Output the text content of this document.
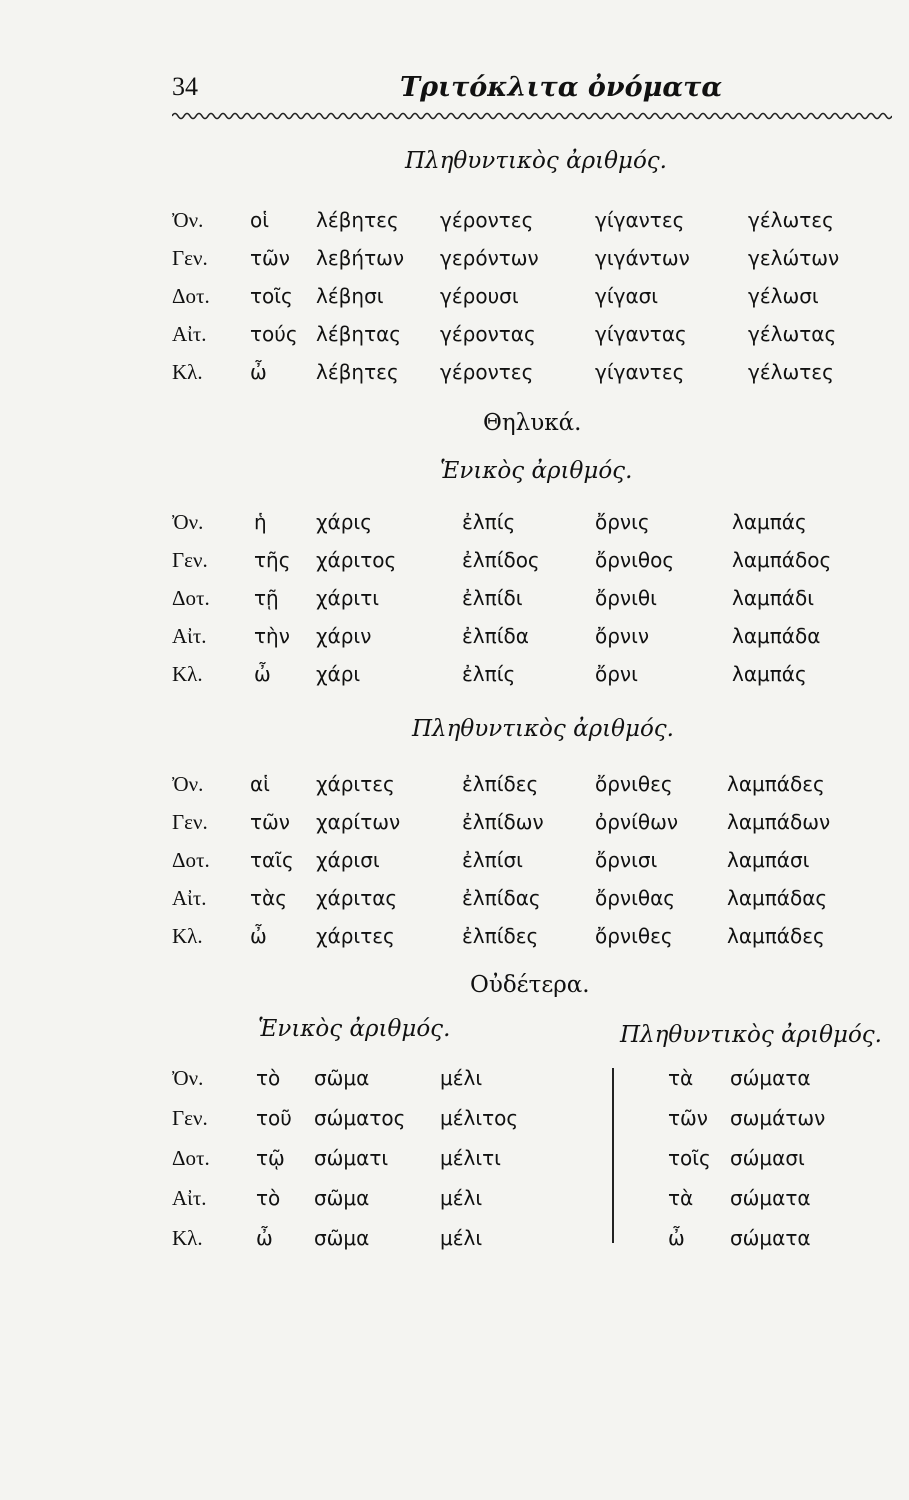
34	Τριτόκλιτα ὀνόματα
Πληθυντικὸς ἀριθμός.
Ὀν. οἱ λέβητες γέροντες	γίγαντες	γέλωτες
Γεν. τῶν λεβήτων γερόντων	γιγάντων	γελώτων
Δοτ. τοῖς λέβησι	γέρουσι	γίγασι	γέλωσι
Αἰτ. τούς λέβητας γέροντας	γίγαντας	γέλωτας
Κλ. ὦ λέβητες γέροντες	γίγαντες	γέλωτες
Θηλυκά.
Ἑνικὸς ἀριθμός.
Ὀν.	ἡ χάρις	ἐλπίς	ὄρνις	λαμπάς
Γεν. τῆς χάριτος	ἐλπίδος	ὄρνιθος	λαμπάδος
Δοτ. τῇ χάριτι	ἐλπίδι	ὄρνιθι	λαμπάδι
Αἰτ. τὴν χάριν	ἐλπίδα	ὄρνιν	λαμπάδα
Κλ.	ὦ χάρι	ἐλπίς	ὄρνι	λαμπάς
Πληθυντικὸς ἀριθμός.
Ὀν. αἱ χάριτες	ἐλπίδες	ὄρνιθες	λαμπάδες
Γεν. τῶν χαρίτων	ἐλπίδων	ὀρνίθων λαμπάδων
Δοτ. ταῖς χάρισι	ἐλπίσι	ὄρνισι	λαμπάσι
Αἰτ. τὰς χάριτας	ἐλπίδας	ὄρνιθας	λαμπάδας
Κλ. ὦ χάριτες	ἐλπίδες	ὄρνιθες	λαμπάδες
Οὐδέτερα.
Ἑνικὸς ἀριθμός.	Πληθυντικὸς ἀριθμός.
Ὀν.	τὸ σῶμα	μέλι	τὰ σώματα
Γεν. τοῦ σώματος μέλιτος	τῶν σωμάτων
Δοτ. τῷ σώματι	μέλιτι	τοῖς σώμασι
Αἰτ. τὸ σῶμα	μέλι	τὰ σώματα
Κλ.	ὦ σῶμα	μέλι	ὦ σώματα
